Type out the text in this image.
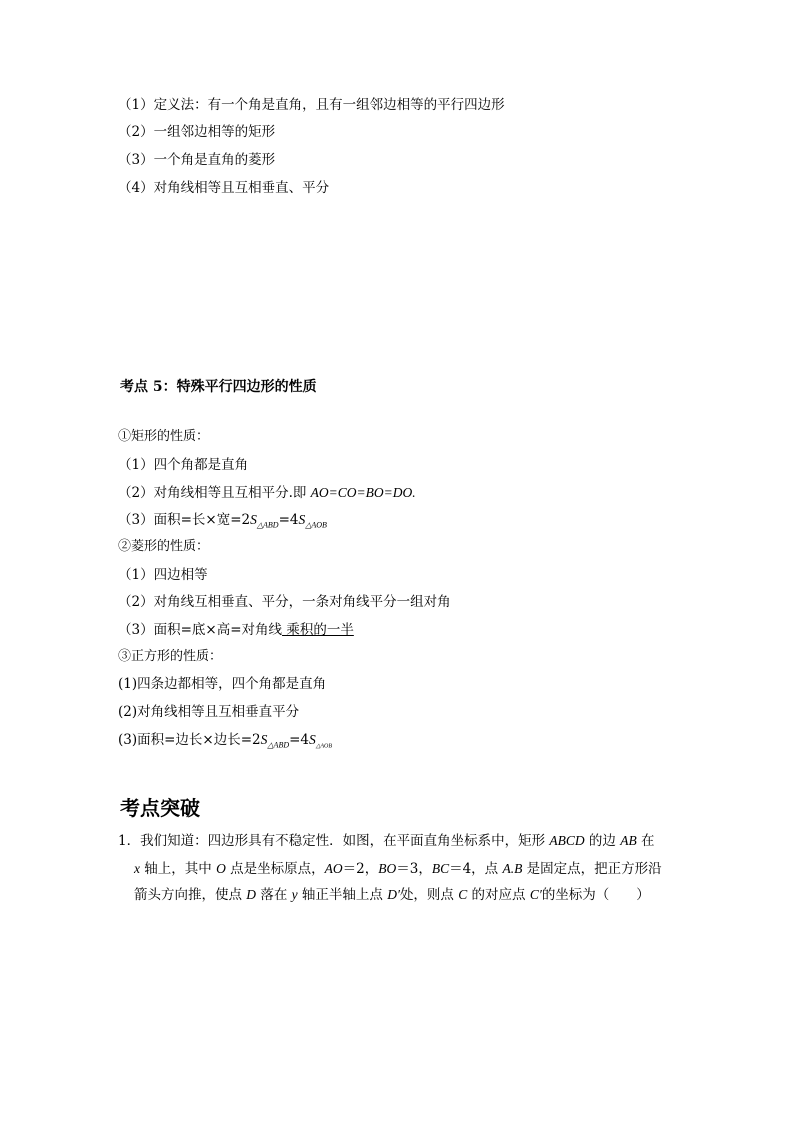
（1）定义法：有一个角是直角，且有一组邻边相等的平行四边形
（2）一组邻边相等的矩形
（3）一个角是直角的菱形
（4）对角线相等且互相垂直、平分
考点 5：特殊平行四边形的性质
①矩形的性质：
（1）四个角都是直角
（2）对角线相等且互相平分.即 AO=CO=BO=DO.
（3）面积=长×宽$=2S_{\triangle ABD}=4S_{\triangle AOB}$
②菱形的性质：
（1）四边相等
（2）对角线互相垂直、平分，一条对角线平分一组对角
（3）面积=底×高=对角线 乘积的一半
③正方形的性质：
(1)四条边都相等，四个角都是直角
(2)对角线相等且互相垂直平分
(3)面积=边长×边长$=2S_{\triangle ABD}=4S_{\triangle AOB}$
考点突破
1．我们知道：四边形具有不稳定性．如图，在平面直角坐标系中，矩形 ABCD 的边 AB 在
x 轴上，其中 O 点是坐标原点，AO＝2，BO＝3，BC＝4，点 A.B 是固定点，把正方形沿
箭头方向推，使点 D 落在 y 轴正半轴上点 D′处，则点 C 的对应点 C′的坐标为（　　）
